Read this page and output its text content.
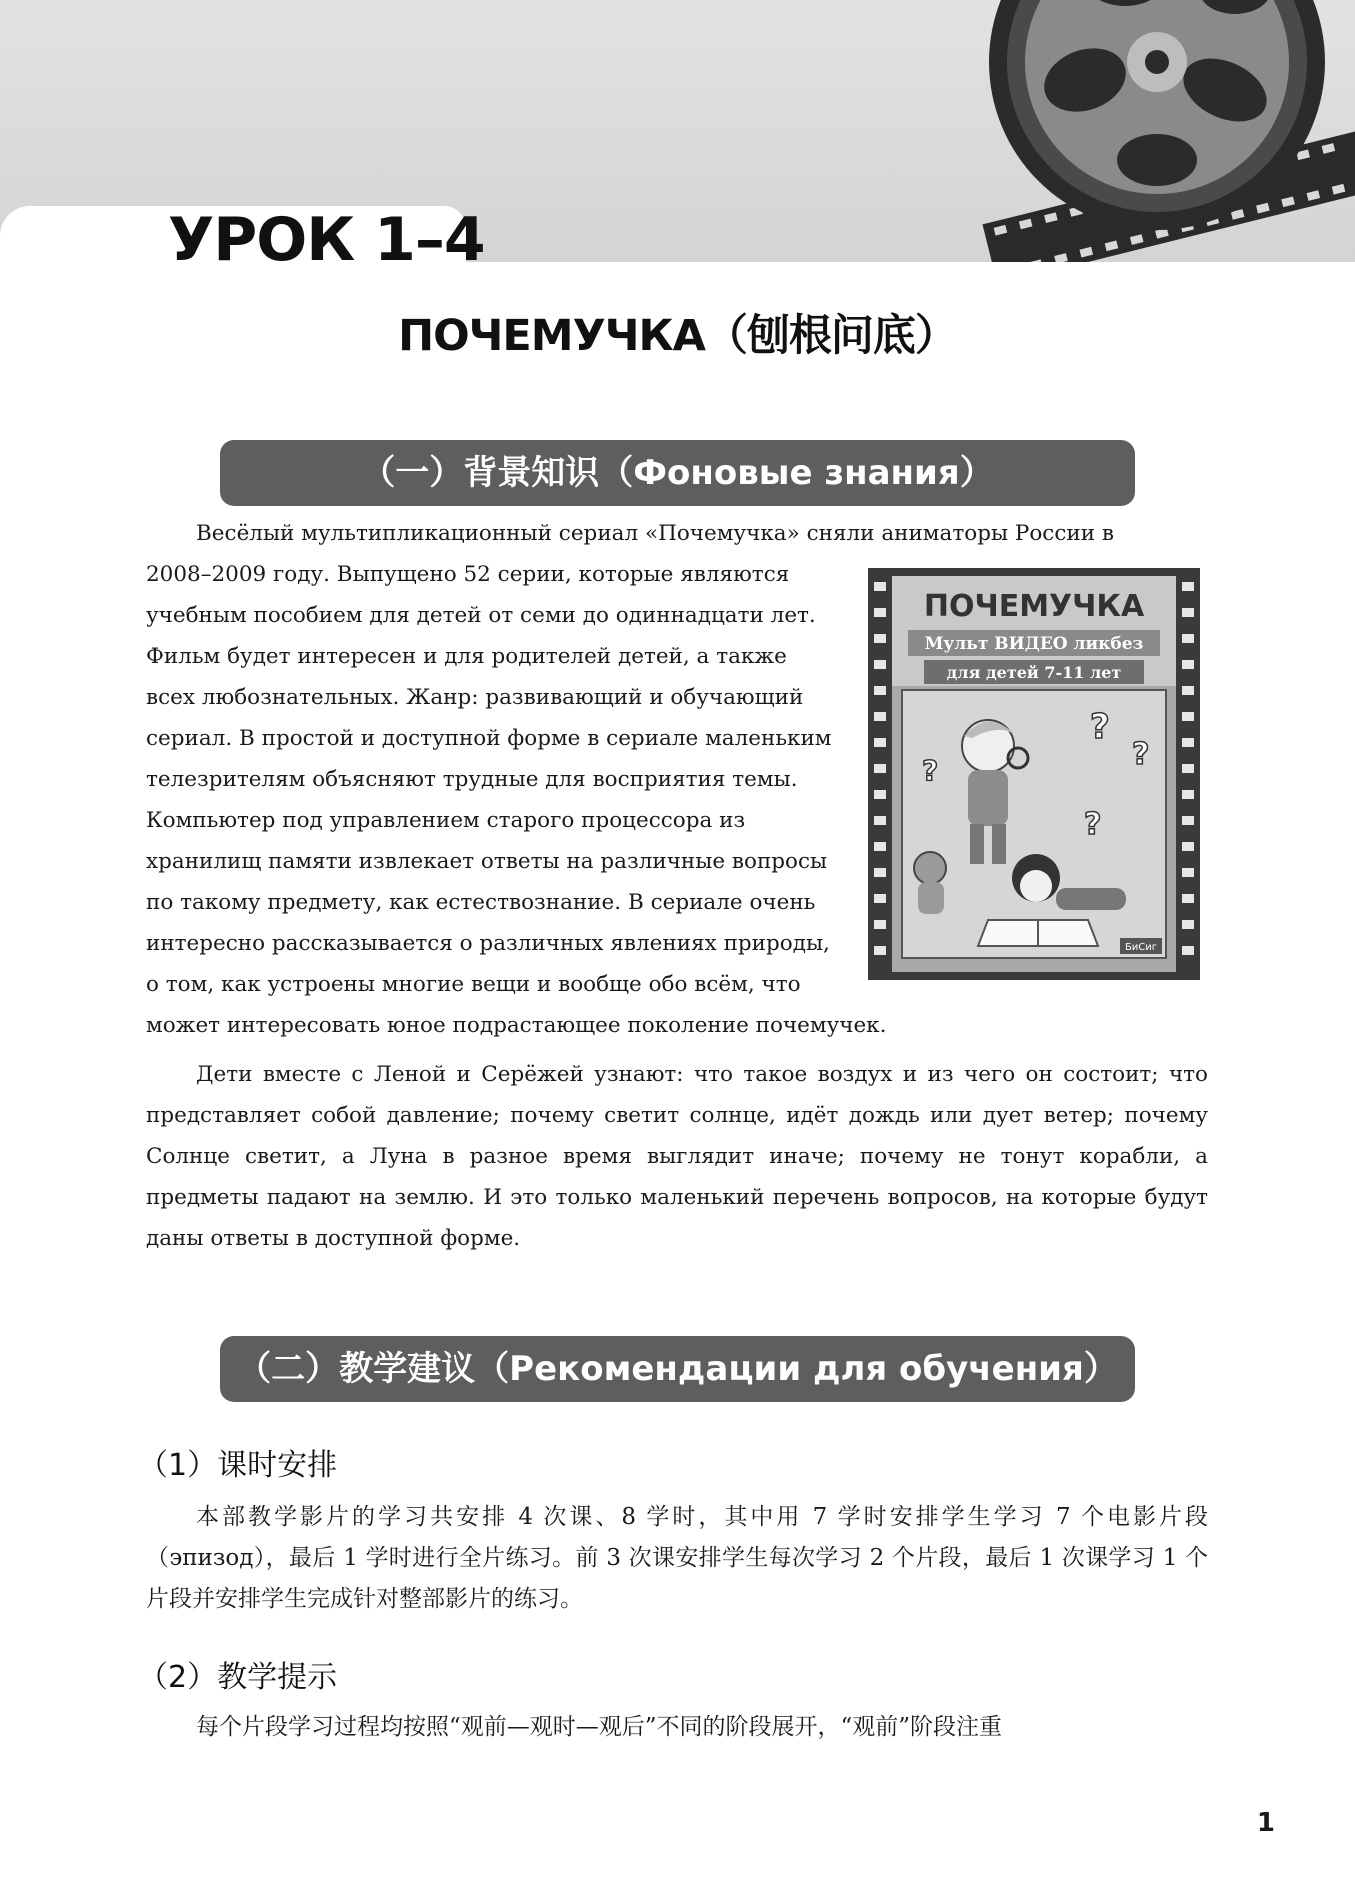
УРОК 1–4
ПОЧЕМУЧКА（刨根问底）
（一）背景知识（Фоновые знания）

Весёлый мультипликационный сериал «Почемучка» сняли аниматоры России в

2008–2009 году. Выпущено 52 серии, которые являются
учебным пособием для детей от семи до одиннадцати лет.
Фильм будет интересен и для родителей детей, а также
всех любознательных. Жанр: развивающий и обучающий
сериал. В простой и доступной форме в сериале маленьким
телезрителям объясняют трудные для восприятия темы.
Компьютер под управлением старого процессора из
хранилищ памяти извлекает ответы на различные вопросы
по такому предмету, как естествознание. В сериале очень
интересно рассказывается о различных явлениях природы,
о том, как устроены многие вещи и вообще обо всём, что
может интересовать юное подрастающее поколение почемучек.
ПОЧЕМУЧКА
Мульт ВИДЕО ликбез
для детей 7-11 лет
?
?
?
?
БиСиг

Дети вместе с Леной и Серёжей узнают: что такое воздух и из чего он состоит; что представляет собой давление; почему светит солнце, идёт дождь или дует ветер; почему Солнце светит, а Луна в разное время выглядит иначе; почему не тонут корабли, а предметы падают на землю. И это только маленький перечень вопросов, на которые будут даны ответы в доступной форме.

（二）教学建议（Рекомендации для обучения）
（1）课时安排

本部教学影片的学习共安排 4 次课、8 学时，其中用 7 学时安排学生学习 7 个电影片段（эпизод），最后 1 学时进行全片练习。前 3 次课安排学生每次学习 2 个片段，最后 1 次课学习 1 个片段并安排学生完成针对整部影片的练习。

（2）教学提示

每个片段学习过程均按照“观前—观时—观后”不同的阶段展开，“观前”阶段注重

1
